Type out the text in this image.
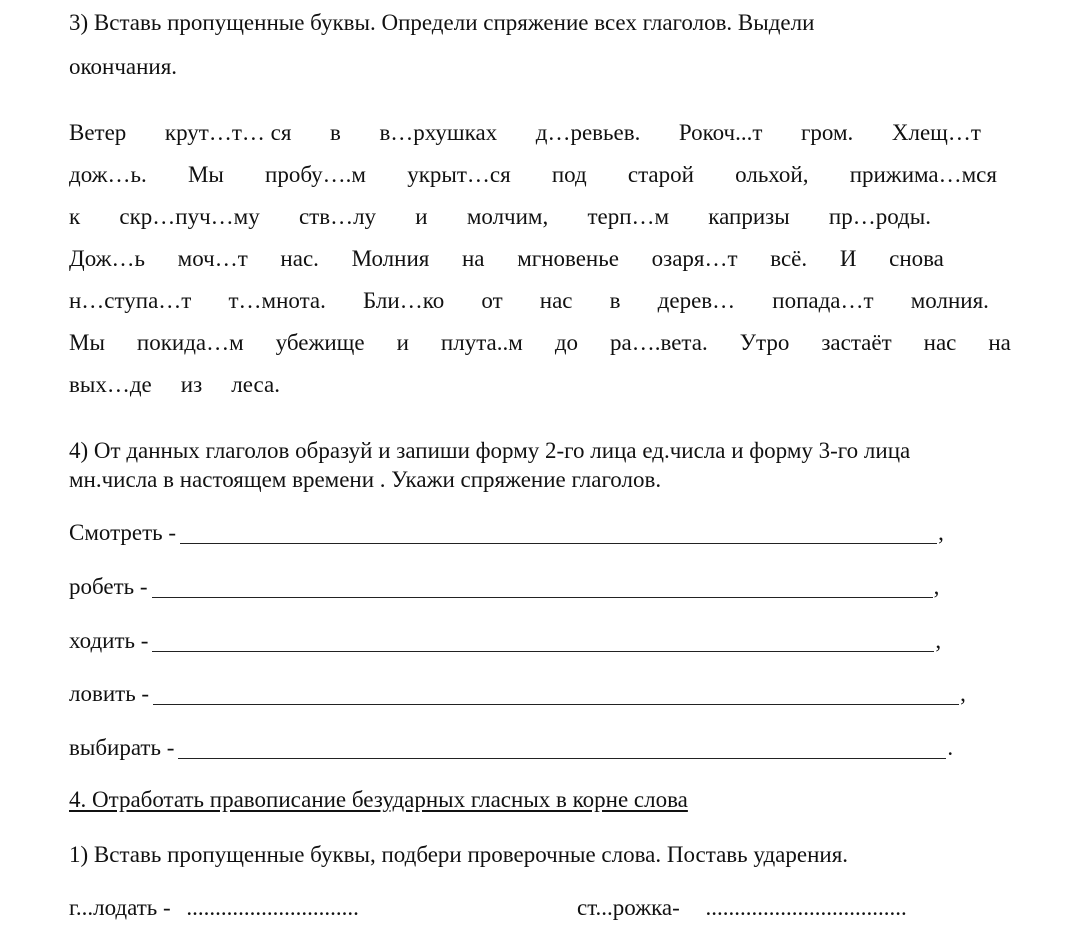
3) Вставь пропущенные буквы. Определи спряжение всех глаголов. Выдели
окончания.
Ветер крут…т… ся в в…рхушках д…ревьев. Рокоч...т гром. Хлещ…т
дож…ь. Мы пробу….м укрыт…ся под старой ольхой, прижима…мся
к скр…пуч…му ств…лу и молчим, терп…м капризы пр…роды.
Дож…ь моч…т нас. Молния на мгновенье озаря…т всё. И снова
н…ступа…т т…мнота. Бли…ко от нас в дерев… попада…т молния.
Мы покида…м убежище и плута..м до ра….вета. Утро застаёт нас на
вых…де из леса.
4) От данных глаголов образуй и запиши форму 2-го лица ед.числа и форму 3-го лица
мн.числа в настоящем времени . Укажи спряжение глаголов.
Смотреть -	,
робеть -	,
ходить -	,
ловить -	,
выбирать -	.
4. Отработать правописание безударных гласных в корне слова
1) Вставь пропущенные буквы, подбери проверочные слова. Поставь ударения.
г...лодать - ..............................	ст...рожка- ...................................
